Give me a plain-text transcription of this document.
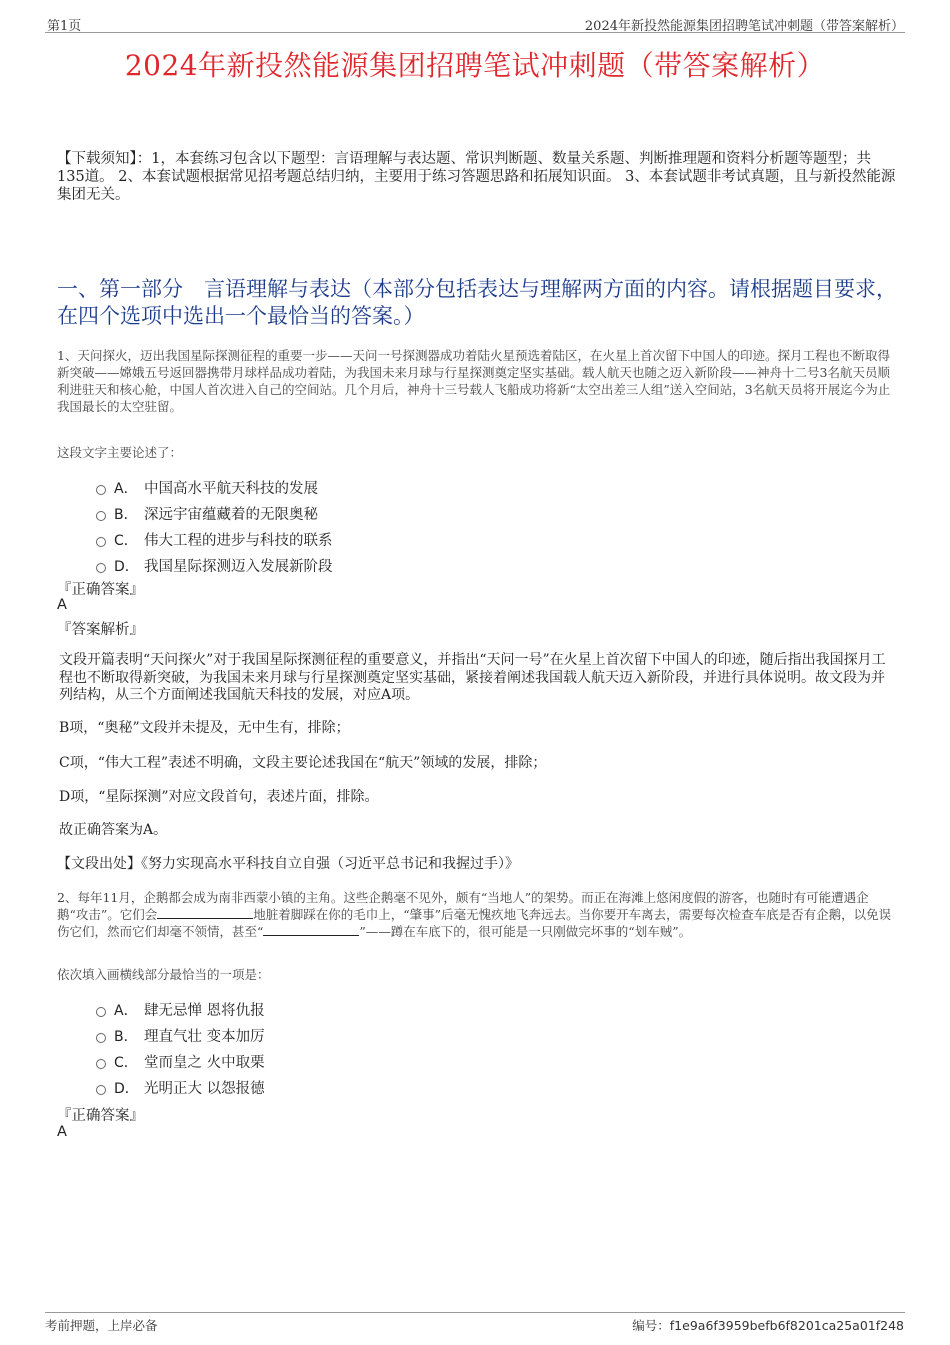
第1页	2024年新投然能源集团招聘笔试冲刺题（带答案解析）
2024年新投然能源集团招聘笔试冲刺题（带答案解析）
【下载须知】：1，本套练习包含以下题型：言语理解与表达题、常识判断题、数量关系题、判断推理题和资料分析题等题型；共135道。 2、本套试题根据常见招考题总结归纳，主要用于练习答题思路和拓展知识面。 3、本套试题非考试真题，且与新投然能源集团无关。
一、第一部分　言语理解与表达（本部分包括表达与理解两方面的内容。请根据题目要求，在四个选项中选出一个最恰当的答案。）
1、天问探火，迈出我国星际探测征程的重要一步——天问一号探测器成功着陆火星预选着陆区，在火星上首次留下中国人的印迹。探月工程也不断取得新突破——嫦娥五号返回器携带月球样品成功着陆，为我国未来月球与行星探测奠定坚实基础。载人航天也随之迈入新阶段——神舟十二号3名航天员顺利进驻天和核心舱，中国人首次进入自己的空间站。几个月后，神舟十三号载人飞船成功将新“太空出差三人组”送入空间站，3名航天员将开展迄今为止我国最长的太空驻留。
这段文字主要论述了：
A． 中国高水平航天科技的发展
B． 深远宇宙蕴藏着的无限奥秘
C． 伟大工程的进步与科技的联系
D． 我国星际探测迈入发展新阶段
『正确答案』
A
『答案解析』
文段开篇表明“天问探火”对于我国星际探测征程的重要意义，并指出“天问一号”在火星上首次留下中国人的印迹，随后指出我国探月工程也不断取得新突破，为我国未来月球与行星探测奠定坚实基础，紧接着阐述我国载人航天迈入新阶段，并进行具体说明。故文段为并列结构，从三个方面阐述我国航天科技的发展，对应A项。
B项，“奥秘”文段并未提及，无中生有，排除；
C项，“伟大工程”表述不明确，文段主要论述我国在“航天”领域的发展，排除；
D项，“星际探测”对应文段首句，表述片面，排除。
故正确答案为A。
【文段出处】《努力实现高水平科技自立自强（习近平总书记和我握过手）》
2、每年11月，企鹅都会成为南非西蒙小镇的主角。这些企鹅毫不见外，颇有“当地人”的架势。而正在海滩上悠闲度假的游客，也随时有可能遭遇企鹅“攻击”。它们会	地脏着脚踩在你的毛巾上，“肇事”后毫无愧疚地飞奔远去。当你要开车离去，需要每次检查车底是否有企鹅，以免误伤它们，然而它们却毫不领情，甚至“	”——蹲在车底下的，很可能是一只刚做完坏事的“划车贼”。
依次填入画横线部分最恰当的一项是：
A． 肆无忌惮 恩将仇报
B． 理直气壮 变本加厉
C． 堂而皇之 火中取栗
D． 光明正大 以怨报德
『正确答案』
A
考前押题，上岸必备	编号：f1e9a6f3959befb6f8201ca25a01f248
